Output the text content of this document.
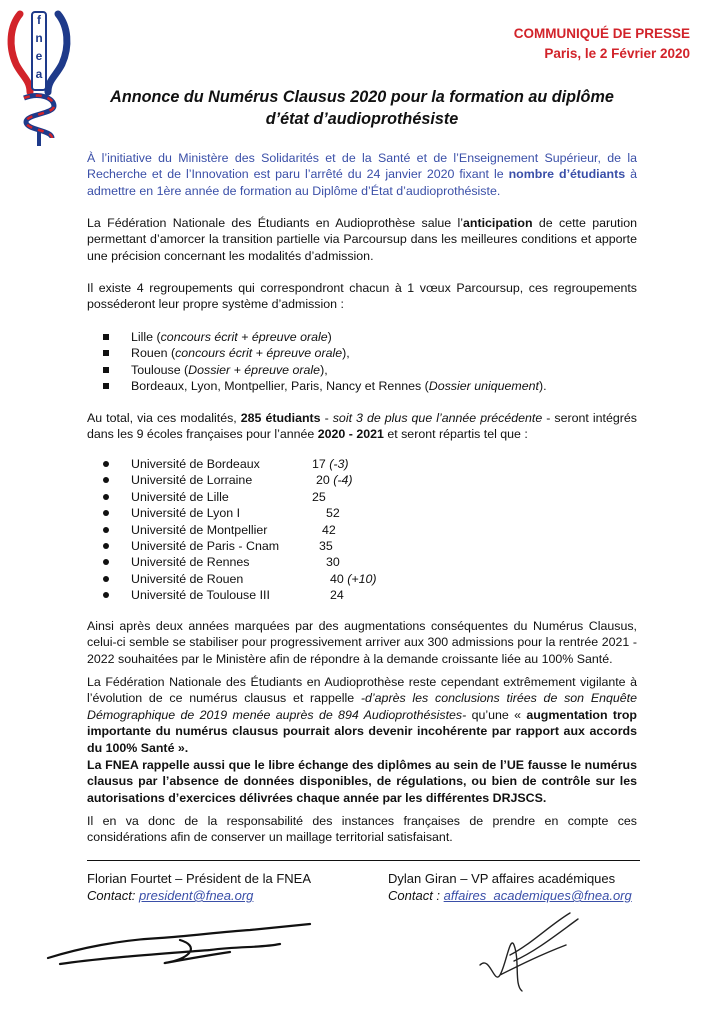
f
n
e
a
COMMUNIQUÉ DE PRESSE
Paris, le 2 Février 2020
Annonce du Numérus Clausus 2020 pour la formation au diplôme
d’état d’audioprothésiste

À l’initiative du Ministère des Solidarités et de la Santé et de l’Enseignement Supérieur, de la Recherche et de l’Innovation est paru l’arrêté du 24 janvier 2020 fixant le nombre d’étudiants à admettre en 1ère année de formation au Diplôme d’État d’audioprothésiste.

La Fédération Nationale des Étudiants en Audioprothèse salue l’anticipation de cette parution permettant d’amorcer la transition partielle via Parcoursup dans les meilleures conditions et apporte une précision concernant les modalités d’admission.

Il existe 4 regroupements qui correspondront chacun à 1 vœux Parcoursup, ces regroupements posséderont leur propre système d’admission :

Lille (concours écrit + épreuve orale)
Rouen (concours écrit + épreuve orale),
Toulouse (Dossier + épreuve orale),
Bordeaux, Lyon, Montpellier, Paris, Nancy et Rennes (Dossier uniquement).

Au total, via ces modalités, 285 étudiants - soit 3 de plus que l’année précédente - seront intégrés dans les 9 écoles françaises pour l’année 2020 - 2021 et seront répartis tel que :

Université de Bordeaux	17 (-3)
Université de Lorraine	20 (-4)
Université de Lille	25
Université de Lyon I	52
Université de Montpellier	42
Université de Paris - Cnam	35
Université de Rennes	30
Université de Rouen	40 (+10)
Université de Toulouse III	24

Ainsi après deux années marquées par des augmentations conséquentes du Numérus Clausus, celui-ci semble se stabiliser pour progressivement arriver aux 300 admissions pour la rentrée 2021 - 2022 souhaitées par le Ministère afin de répondre à la demande croissante liée au 100% Santé.

La Fédération Nationale des Étudiants en Audioprothèse reste cependant extrêmement vigilante à l’évolution de ce numérus clausus et rappelle -d’après les conclusions tirées de son Enquête Démographique de 2019 menée auprès de 894 Audioprothésistes- qu’une « augmentation trop importante du numérus clausus pourrait alors devenir incohérente par rapport aux accords du 100% Santé ».

La FNEA rappelle aussi que le libre échange des diplômes au sein de l’UE fausse le numérus clausus par l’absence de données disponibles, de régulations, ou bien de contrôle sur les autorisations d’exercices délivrées chaque année par les différentes DRJSCS.

Il en va donc de la responsabilité des instances françaises de prendre en compte ces considérations afin de conserver un maillage territorial satisfaisant.

Florian Fourtet – Président de la FNEA
Contact: president@fnea.org
Dylan Giran – VP affaires académiques
Contact : affaires_academiques@fnea.org
